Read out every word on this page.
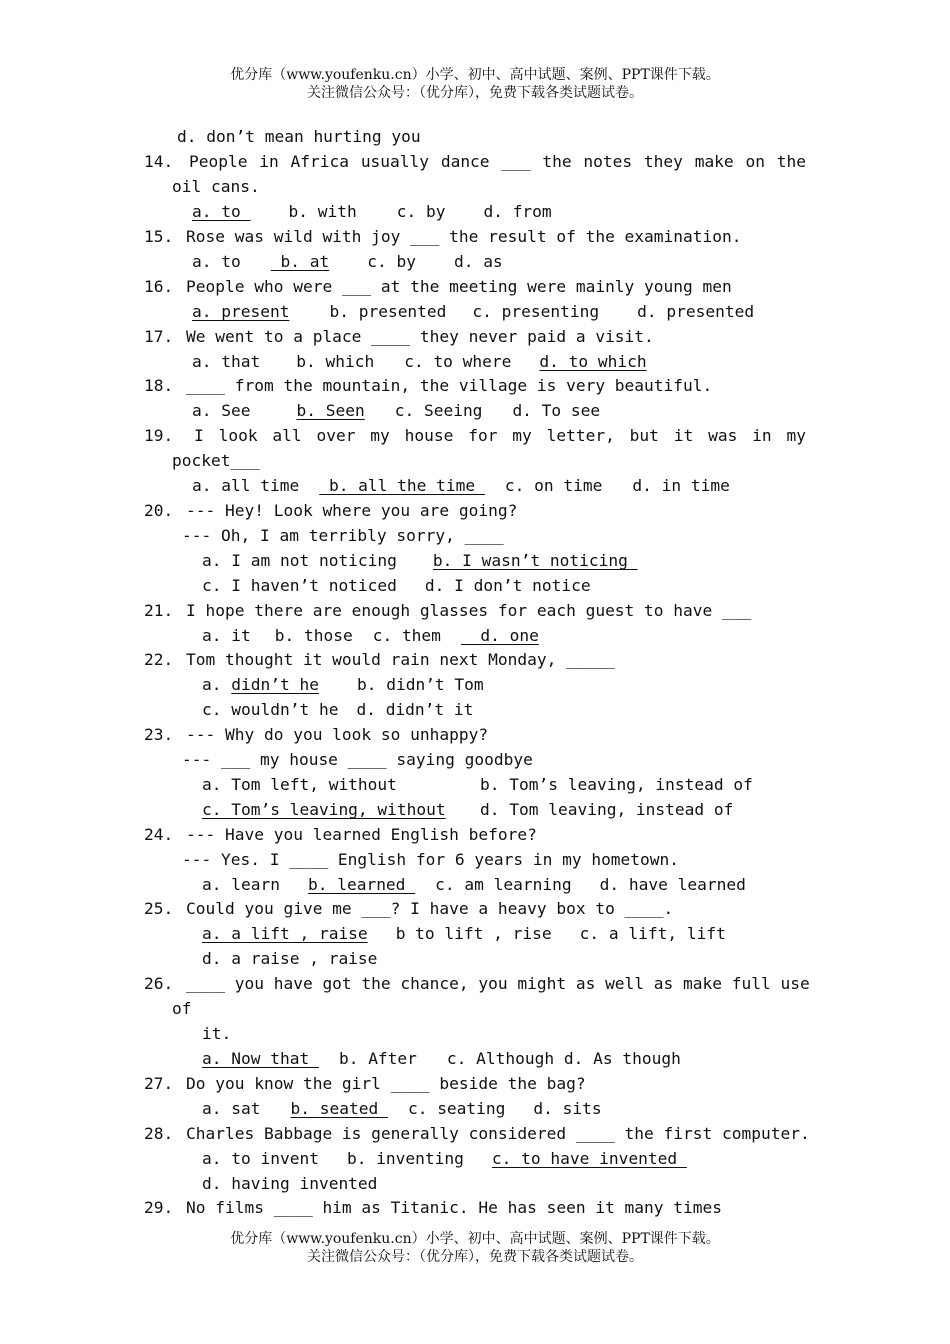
优分库（www.youfenku.cn）小学、初中、高中试题、案例、PPT课件下载。
关注微信公众号：（优分库），免费下载各类试题试卷。
d. don’t mean hurting you
14. People in Africa usually dance ___ the notes they make on the
oil cans.
a. to b. with c. by d. from
15. Rose was wild with joy ___ the result of the examination.
a. to b. at c. by d. as
16. People who were ___ at the meeting were mainly young men
a. present b. presented c. presenting d. presented
17. We went to a place ____ they never paid a visit.
a. that b. which c. to where d. to which
18. ____ from the mountain, the village is very beautiful.
a. See	b. Seen c. Seeing d. To see
19. I look all over my house for my letter, but it was in my
pocket___
a. all time b. all the time c. on time d. in time
20. --- Hey! Look where you are going?
--- Oh, I am terribly sorry, ____
a. I am not noticing b. I wasn’t noticing
c. I haven’t noticed d. I don’t notice
21. I hope there are enough glasses for each guest to have ___
a. it b. those c. them  d. one
22. Tom thought it would rain next Monday, _____
a. didn’t he b. didn’t Tom
c. wouldn’t he d. didn’t it
23. --- Why do you look so unhappy?
--- ___ my house ____ saying goodbye
a. Tom left, without	b. Tom’s leaving, instead of
c. Tom’s leaving, without d. Tom leaving, instead of
24. --- Have you learned English before?
--- Yes. I ____ English for 6 years in my hometown.
a. learn b. learned c. am learning d. have learned
25. Could you give me ___? I have a heavy box to ____.
a. a lift , raise b to lift , rise c. a lift, lift
d. a raise , raise
26. ____ you have got the chance, you might as well as make full use
of
it.
a. Now that b. After c. Although d. As though
27. Do you know the girl ____ beside the bag?
a. sat b. seated c. seating d. sits
28. Charles Babbage is generally considered ____ the first computer.
a. to invent b. inventing c. to have invented
d. having invented
29. No films ____ him as Titanic. He has seen it many times
优分库（www.youfenku.cn）小学、初中、高中试题、案例、PPT课件下载。
关注微信公众号：（优分库），免费下载各类试题试卷。
